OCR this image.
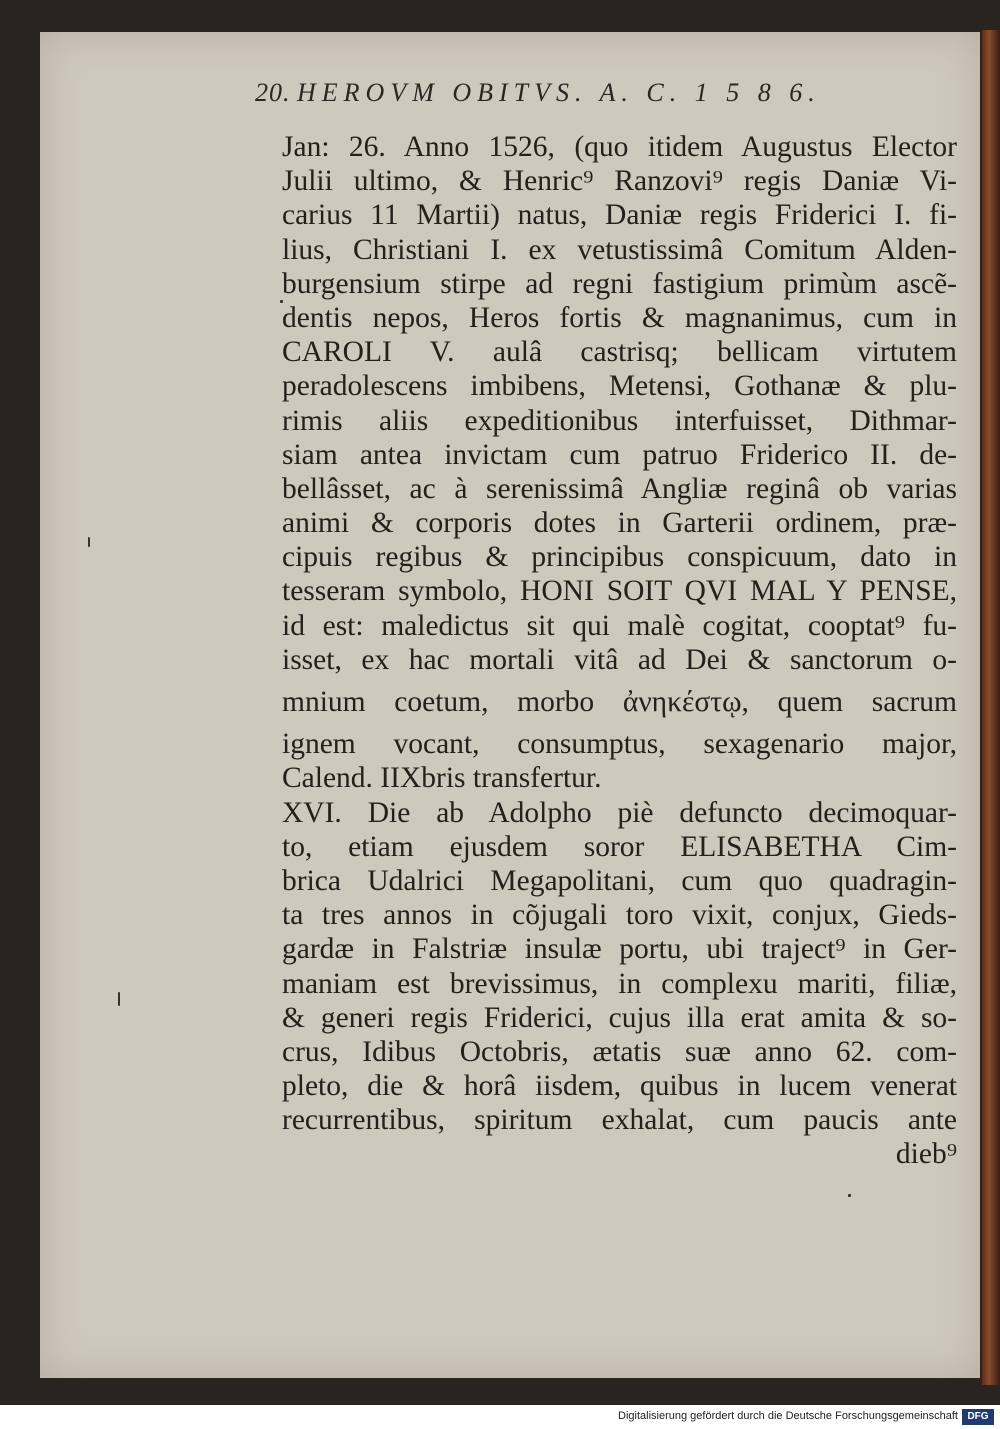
20. HEROVM OBITVS. A. C. 1 5 8 6.
Jan: 26. Anno 1526, (quo itidem Augustus Elector
Julii ultimo, & Henric⁹ Ranzovi⁹ regis Daniæ Vi-
carius 11 Martii) natus, Daniæ regis Friderici I. fi-
lius, Christiani I. ex vetustissimâ Comitum Alden-
burgensium stirpe ad regni fastigium primùm ascẽ-
dentis nepos, Heros fortis & magnanimus, cum in
CAROLI V. aulâ castrisq; bellicam virtutem
peradolescens imbibens, Metensi, Gothanæ & plu-
rimis aliis expeditionibus interfuisset, Dithmar-
siam antea invictam cum patruo Friderico II. de-
bellâsset, ac à serenissimâ Angliæ reginâ ob varias
animi & corporis dotes in Garterii ordinem, præ-
cipuis regibus & principibus conspicuum, dato in
tesseram symbolo, HONI SOIT QVI MAL Y PENSE,
id est: maledictus sit qui malè cogitat, cooptat⁹ fu-
isset, ex hac mortali vitâ ad Dei & sanctorum o-
mnium coetum, morbo ἀνηκέστῳ, quem sacrum
ignem vocant, consumptus, sexagenario major,
Calend. IIXbris transfertur.
XVI. Die ab Adolpho piè defuncto decimoquar-
to, etiam ejusdem soror ELISABETHA Cim-
brica Udalrici Megapolitani, cum quo quadragin-
ta tres annos in cõjugali toro vixit, conjux, Gieds-
gardæ in Falstriæ insulæ portu, ubi traject⁹ in Ger-
maniam est brevissimus, in complexu mariti, filiæ,
& generi regis Friderici, cujus illa erat amita & so-
crus, Idibus Octobris, ætatis suæ anno 62. com-
pleto, die & horâ iisdem, quibus in lucem venerat
recurrentibus, spiritum exhalat, cum paucis ante
dieb⁹
Digitalisierung gefördert durch die Deutsche Forschungsgemeinschaft DFG
